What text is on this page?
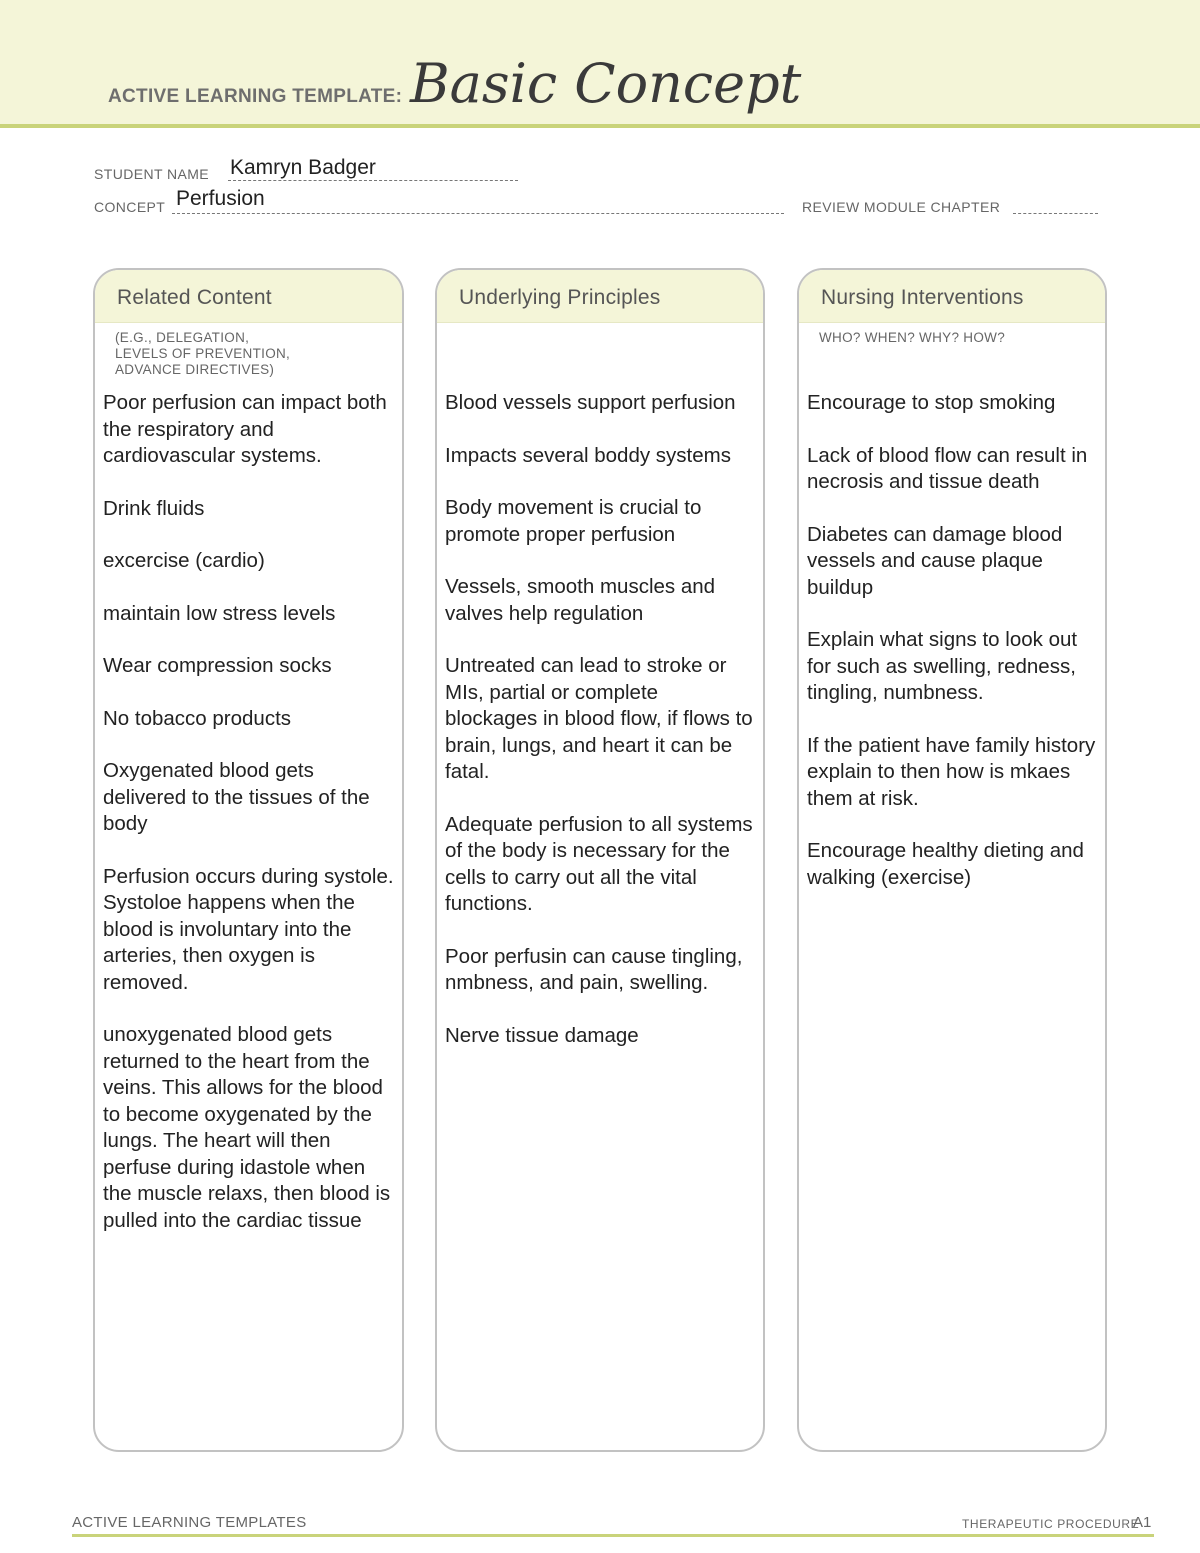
ACTIVE LEARNING TEMPLATE: Basic Concept
STUDENT NAME Kamryn Badger
CONCEPT Perfusion	REVIEW MODULE CHAPTER
Related Content
(E.G., DELEGATION,
LEVELS OF PREVENTION,
ADVANCE DIRECTIVES)

Poor perfusion can impact both the respiratory and cardiovascular systems.

Drink fluids

excercise (cardio)

maintain low stress levels

Wear compression socks

No tobacco products

Oxygenated blood gets delivered to the tissues of the body

Perfusion occurs during systole. Systoloe happens when the blood is involuntary into the arteries, then oxygen is removed.

unoxygenated blood gets returned to the heart from the veins. This allows for the blood to become oxygenated by the lungs. The heart will then perfuse during idastole when the muscle relaxs, then blood is pulled into the cardiac tissue

Underlying Principles

Blood vessels support perfusion

Impacts several boddy systems

Body movement is crucial to promote proper perfusion

Vessels, smooth muscles and valves help regulation

Untreated can lead to stroke or MIs, partial or complete blockages in blood flow, if flows to brain, lungs, and heart it can be fatal.

Adequate perfusion to all systems of the body is necessary for the cells to carry out all the vital functions.

Poor perfusin can cause tingling, nmbness, and pain, swelling.

Nerve tissue damage

Nursing Interventions
WHO? WHEN? WHY? HOW?

Encourage to stop smoking

Lack of blood flow can result in necrosis and tissue death

Diabetes can damage blood vessels and cause plaque buildup

Explain what signs to look out for such as swelling, redness, tingling, numbness.

If the patient have family history explain to then how is mkaes them at risk.

Encourage healthy dieting and walking (exercise)

ACTIVE LEARNING TEMPLATES	THERAPEUTIC PROCEDURE
A1
